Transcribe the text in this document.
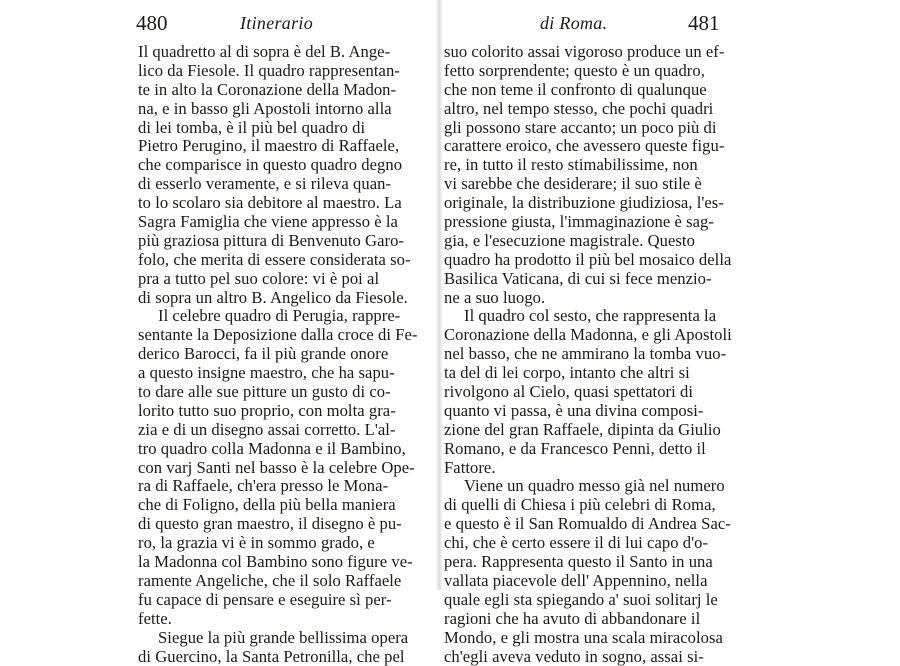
480	Itinerario
Il quadretto al di sopra è del B. Ange-
lico da Fiesole. Il quadro rappresentan-
te in alto la Coronazione della Madon-
na, e in basso gli Apostoli intorno alla
di lei tomba, è il più bel quadro di
Pietro Perugino, il maestro di Raffaele,
che comparisce in questo quadro degno
di esserlo veramente, e si rileva quan-
to lo scolaro sia debitore al maestro. La
Sagra Famiglia che viene appresso è la
più graziosa pittura di Benvenuto Garo-
folo, che merita di essere considerata so-
pra a tutto pel suo colore: vi è poi al
di sopra un altro B. Angelico da Fiesole.
Il celebre quadro di Perugia, rappre-
sentante la Deposizione dalla croce di Fe-
derico Barocci, fa il più grande onore
a questo insigne maestro, che ha sapu-
to dare alle sue pitture un gusto di co-
lorito tutto suo proprio, con molta gra-
zia e di un disegno assai corretto. L'al-
tro quadro colla Madonna e il Bambino,
con varj Santi nel basso è la celebre Ope-
ra di Raffaele, ch'era presso le Mona-
che di Foligno, della più bella maniera
di questo gran maestro, il disegno è pu-
ro, la grazia vi è in sommo grado, e
la Madonna col Bambino sono figure ve-
ramente Angeliche, che il solo Raffaele
fu capace di pensare e eseguire sì per-
fette.
Siegue la più grande bellissima opera
di Guercino, la Santa Petronilla, che pel
di Roma.	481
suo colorito assai vigoroso produce un ef-
fetto sorprendente; questo è un quadro,
che non teme il confronto di qualunque
altro, nel tempo stesso, che pochi quadri
gli possono stare accanto; un poco più di
carattere eroico, che avessero queste figu-
re, in tutto il resto stimabilissime, non
vi sarebbe che desiderare; il suo stile è
originale, la distribuzione giudiziosa, l'es-
pressione giusta, l'immaginazione è sag-
gia, e l'esecuzione magistrale. Questo
quadro ha prodotto il più bel mosaico della
Basilica Vaticana, di cui si fece menzio-
ne a suo luogo.
Il quadro col sesto, che rappresenta la
Coronazione della Madonna, e gli Apostoli
nel basso, che ne ammirano la tomba vuo-
ta del di lei corpo, intanto che altri si
rivolgono al Cielo, quasi spettatori di
quanto vi passa, è una divina composi-
zione del gran Raffaele, dipinta da Giulio
Romano, e da Francesco Penni, detto il
Fattore.
Viene un quadro messo già nel numero
di quelli di Chiesa i più celebri di Roma,
e questo è il San Romualdo di Andrea Sac-
chi, che è certo essere il di lui capo d'o-
pera. Rappresenta questo il Santo in una
vallata piacevole dell' Appennino, nella
quale egli sta spiegando a' suoi solitarj le
ragioni che ha avuto di abbandonare il
Mondo, e gli mostra una scala miracolosa
ch'egli aveva veduto in sogno, assai si-
